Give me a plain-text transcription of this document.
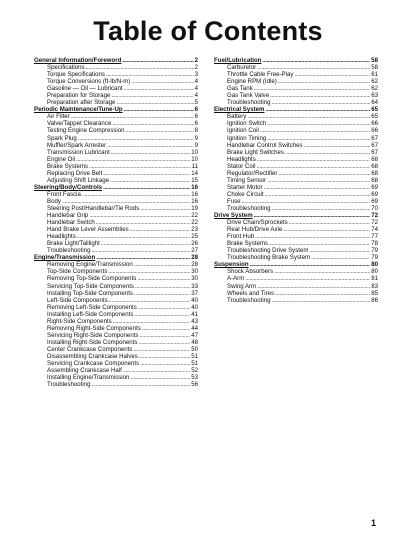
Table of Contents
General Information/Foreword .....	2
Specifications .....	2
Torque Specifications .....	3
Torque Conversions (ft-lb/N-m) .....	4
Gasoline — Oil — Lubricant .....	4
Preparation for Storage .....	4
Preparation after Storage .....	5
Periodic Maintenance/Tune-Up .....	6
Air Filter .....	6
Valve/Tappet Clearance .....	6
Testing Engine Compression .....	8
Spark Plug .....	9
Muffler/Spark Arrester .....	9
Transmission Lubricant .....	10
Engine Oil .....	10
Brake Systems .....	11
Replacing Drive Belt .....	14
Adjusting Shift Linkage .....	15
Steering/Body/Controls .....	16
Front Fascia .....	16
Body .....	16
Steering Post/Handlebar/Tie Rods .....	19
Handlebar Grip .....	22
Handlebar Switch .....	22
Hand Brake Lever Assemblies .....	23
Headlights .....	25
Brake Light/Taillight .....	26
Troubleshooting .....	27
Engine/Transmission .....	28
Removing Engine/Transmission .....	28
Top-Side Components .....	30
Removing Top-Side Components .....	30
Servicing Top-Side Components .....	33
Installing Top-Side Components .....	37
Left-Side Components .....	40
Removing Left-Side Components .....	40
Installing Left-Side Components .....	41
Right-Side Components .....	43
Removing Right-Side Components .....	44
Servicing Right-Side Components .....	47
Installing Right-Side Components .....	48
Center Crankcase Components .....	50
Disassembling Crankcase Halves .....	51
Servicing Crankcase Components .....	51
Assembling Crankcase Half .....	52
Installing Engine/Transmission .....	53
Troubleshooting .....	56
Fuel/Lubrication .....	58
Carburetor .....	58
Throttle Cable Free-Play .....	61
Engine RPM (Idle) .....	62
Gas Tank .....	62
Gas Tank Valve .....	63
Troubleshooting .....	64
Electrical System .....	65
Battery .....	65
Ignition Switch .....	66
Ignition Coil .....	66
Ignition Timing .....	67
Handlebar Control Switches .....	67
Brake Light Switches .....	67
Headlights .....	68
Stator Coil .....	68
Regulator/Rectifier .....	68
Timing Sensor .....	68
Starter Motor .....	69
Choke Circuit .....	69
Fuse .....	69
Troubleshooting .....	70
Drive System .....	72
Drive Chain/Sprockets .....	72
Rear Hub/Drive Axle .....	74
Front Hub .....	77
Brake Systems .....	78
Troubleshooting Drive System .....	79
Troubleshooting Brake System .....	79
Suspension .....	80
Shock Absorbers .....	80
A-Arm .....	81
Swing Arm .....	83
Wheels and Tires .....	85
Troubleshooting .....	86
1
